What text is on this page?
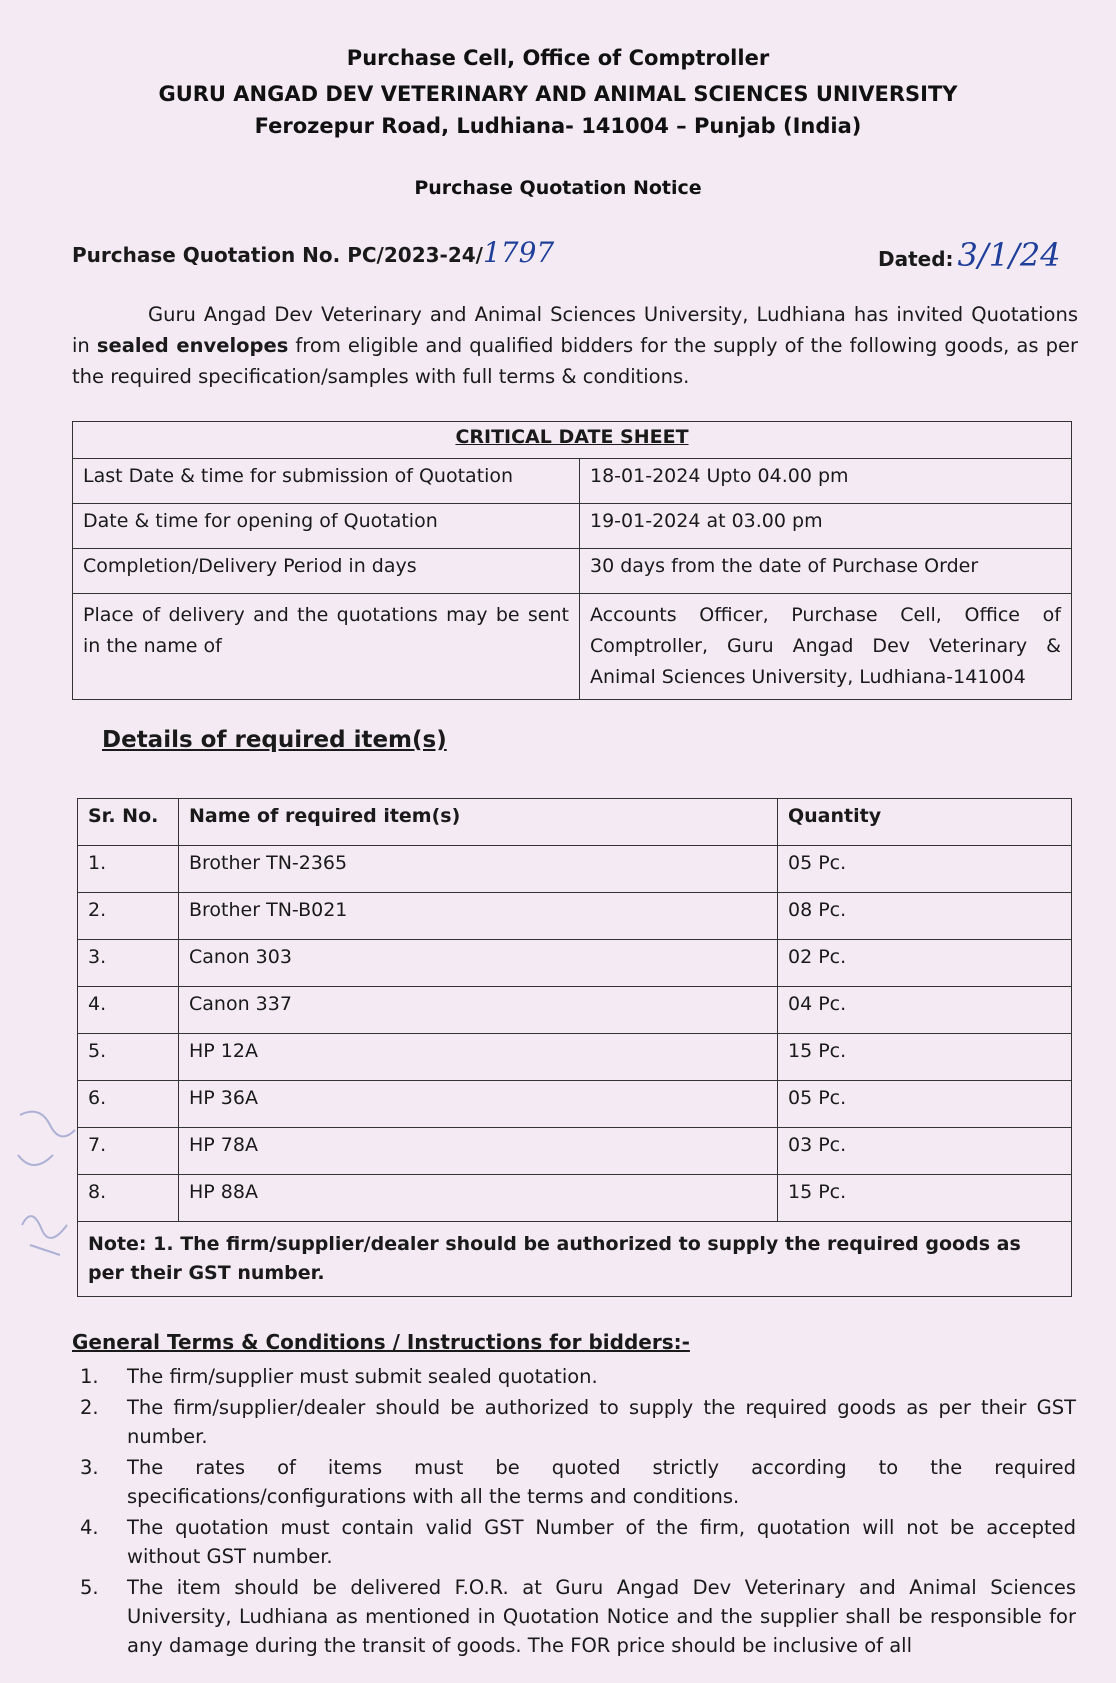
Purchase Cell, Office of Comptroller
GURU ANGAD DEV VETERINARY AND ANIMAL SCIENCES UNIVERSITY
Ferozepur Road, Ludhiana- 141004 – Punjab (India)
Purchase Quotation Notice
Purchase Quotation No. PC/2023-24/1797	Dated: 3/1/24
Guru Angad Dev Veterinary and Animal Sciences University, Ludhiana has invited Quotations in sealed envelopes from eligible and qualified bidders for the supply of the following goods, as per the required specification/samples with full terms & conditions.
CRITICAL DATE SHEET	
Last Date & time for submission of Quotation	18-01-2024 Upto 04.00 pm
Date & time for opening of Quotation	19-01-2024 at 03.00 pm
Completion/Delivery Period in days	30 days from the date of Purchase Order
Place of delivery and the quotations may be sent in the name of	Accounts Officer, Purchase Cell, Office of Comptroller, Guru Angad Dev Veterinary & Animal Sciences University, Ludhiana-141004
Details of required item(s)
Sr. No.	Name of required item(s)	Quantity
1.	Brother TN-2365	05 Pc.
2.	Brother TN-B021	08 Pc.
3.	Canon 303	02 Pc.
4.	Canon 337	04 Pc.
5.	HP 12A	15 Pc.
6.	HP 36A	05 Pc.
7.	HP 78A	03 Pc.
8.	HP 88A	15 Pc.
Note: 1. The firm/supplier/dealer should be authorized to supply the required goods as per their GST number.		
General Terms & Conditions / Instructions for bidders:-
1. The firm/supplier must submit sealed quotation.
2. The firm/supplier/dealer should be authorized to supply the required goods as per their GST number.
3. The rates of items must be quoted strictly according to the required specifications/configurations with all the terms and conditions.
4. The quotation must contain valid GST Number of the firm, quotation will not be accepted without GST number.
5. The item should be delivered F.O.R. at Guru Angad Dev Veterinary and Animal Sciences University, Ludhiana as mentioned in Quotation Notice and the supplier shall be responsible for any damage during the transit of goods. The FOR price should be inclusive of all
